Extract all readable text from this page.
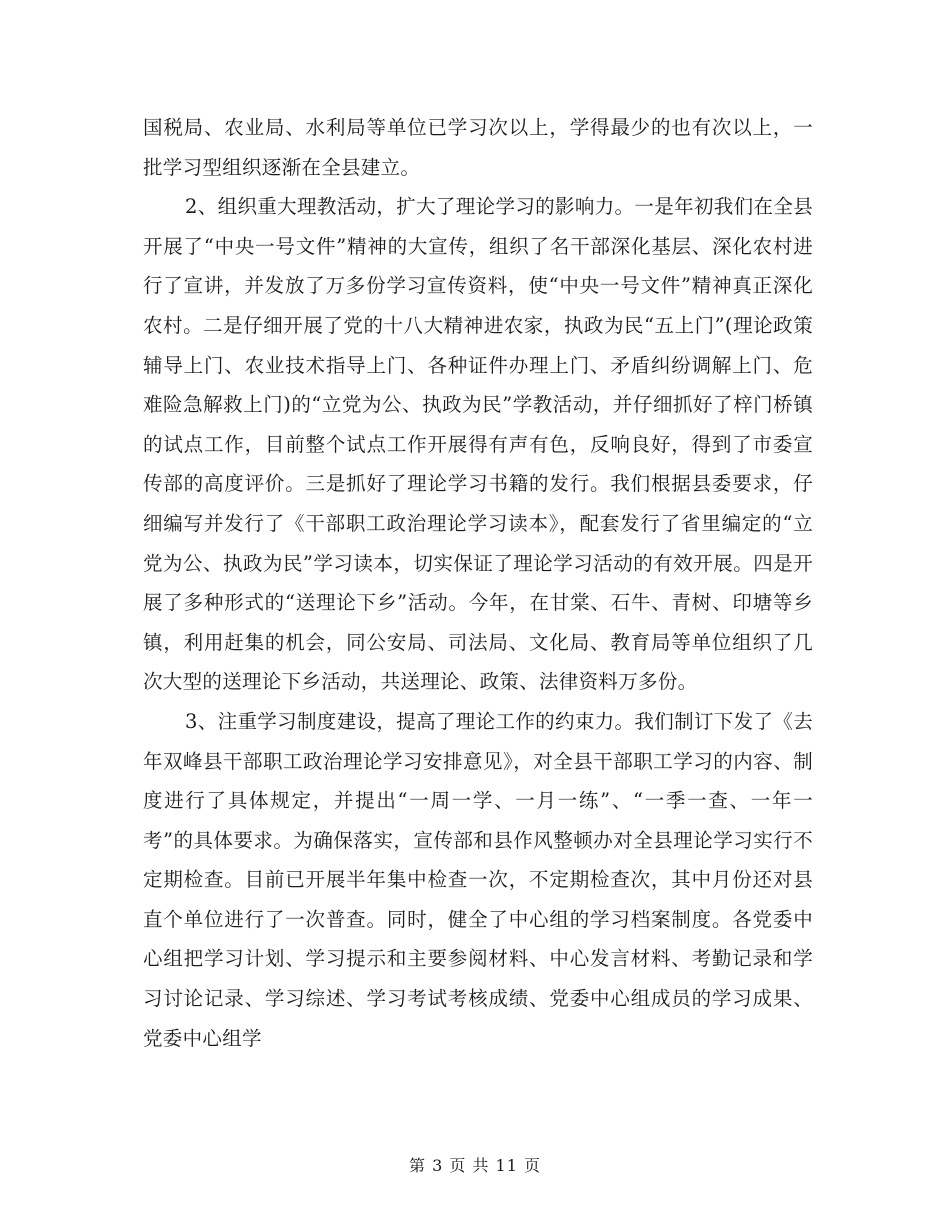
国税局、农业局、水利局等单位已学习次以上，学得最少的也有次以上，一批学习型组织逐渐在全县建立。

2、组织重大理教活动，扩大了理论学习的影响力。一是年初我们在全县开展了“中央一号文件”精神的大宣传，组织了名干部深化基层、深化农村进行了宣讲，并发放了万多份学习宣传资料，使“中央一号文件”精神真正深化农村。二是仔细开展了党的十八大精神进农家，执政为民“五上门”(理论政策辅导上门、农业技术指导上门、各种证件办理上门、矛盾纠纷调解上门、危难险急解救上门)的“立党为公、执政为民”学教活动，并仔细抓好了梓门桥镇的试点工作，目前整个试点工作开展得有声有色，反响良好，得到了市委宣传部的高度评价。三是抓好了理论学习书籍的发行。我们根据县委要求，仔细编写并发行了《干部职工政治理论学习读本》，配套发行了省里编定的“立党为公、执政为民”学习读本，切实保证了理论学习活动的有效开展。四是开展了多种形式的“送理论下乡”活动。今年，在甘棠、石牛、青树、印塘等乡镇，利用赶集的机会，同公安局、司法局、文化局、教育局等单位组织了几次大型的送理论下乡活动，共送理论、政策、法律资料万多份。

3、注重学习制度建设，提高了理论工作的约束力。我们制订下发了《去年双峰县干部职工政治理论学习安排意见》，对全县干部职工学习的内容、制度进行了具体规定，并提出“一周一学、一月一练”、“一季一查、一年一考”的具体要求。为确保落实，宣传部和县作风整顿办对全县理论学习实行不定期检查。目前已开展半年集中检查一次，不定期检查次，其中月份还对县直个单位进行了一次普查。同时，健全了中心组的学习档案制度。各党委中心组把学习计划、学习提示和主要参阅材料、中心发言材料、考勤记录和学习讨论记录、学习综述、学习考试考核成绩、党委中心组成员的学习成果、党委中心组学

第 3 页 共 11 页
